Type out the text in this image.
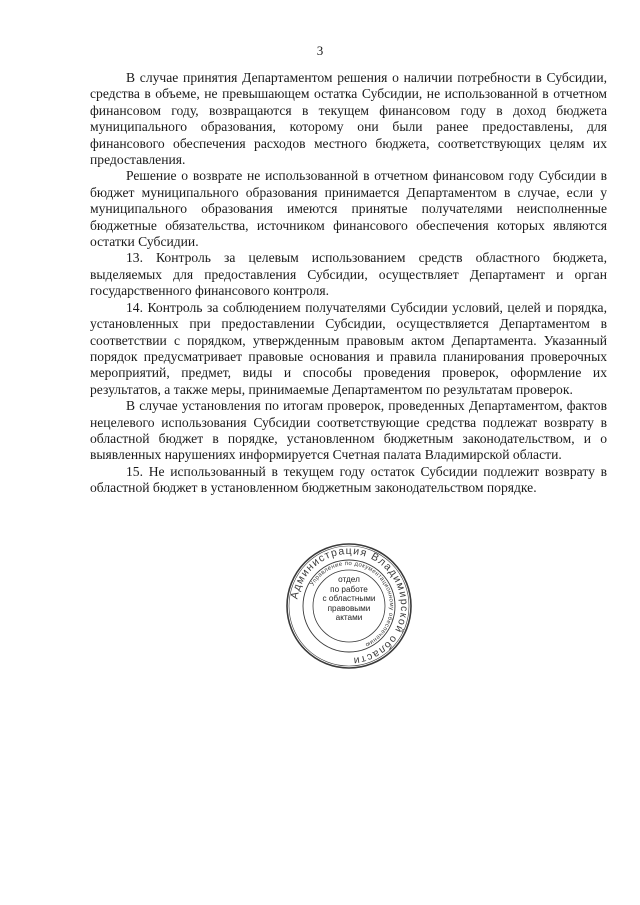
3

В случае принятия Департаментом решения о наличии потребности в Субсидии, средства в объеме, не превышающем остатка Субсидии, не использованной в отчетном финансовом году, возвращаются в текущем финансовом году в доход бюджета муниципального образования, которому они были ранее предоставлены, для финансового обеспечения расходов местного бюджета, соответствующих целям их предоставления.

Решение о возврате не использованной в отчетном финансовом году Субсидии в бюджет муниципального образования принимается Департаментом в случае, если у муниципального образования имеются принятые получателями неисполненные бюджетные обязательства, источником финансового обеспечения которых являются остатки Субсидии.

13. Контроль за целевым использованием средств областного бюджета, выделяемых для предоставления Субсидии, осуществляет Департамент и орган государственного финансового контроля.

14. Контроль за соблюдением получателями Субсидии условий, целей и порядка, установленных при предоставлении Субсидии, осуществляется Департаментом в соответствии с порядком, утвержденным правовым актом Департамента. Указанный порядок предусматривает правовые основания и правила планирования проверочных мероприятий, предмет, виды и способы проведения проверок, оформление их результатов, а также меры, принимаемые Департаментом по результатам проверок.

В случае установления по итогам проверок, проведенных Департаментом, фактов нецелевого использования Субсидии соответствующие средства подлежат возврату в областной бюджет в порядке, установленном бюджетным законодательством, и о выявленных нарушениях информируется Счетная палата Владимирской области.

15. Не использованный в текущем году остаток Субсидии подлежит возврату в областной бюджет в установленном бюджетным законодательством порядке.

Администрация Владимирской области
Управление по документационному обеспечению
отдел
по работе
с областными
правовыми
актами
